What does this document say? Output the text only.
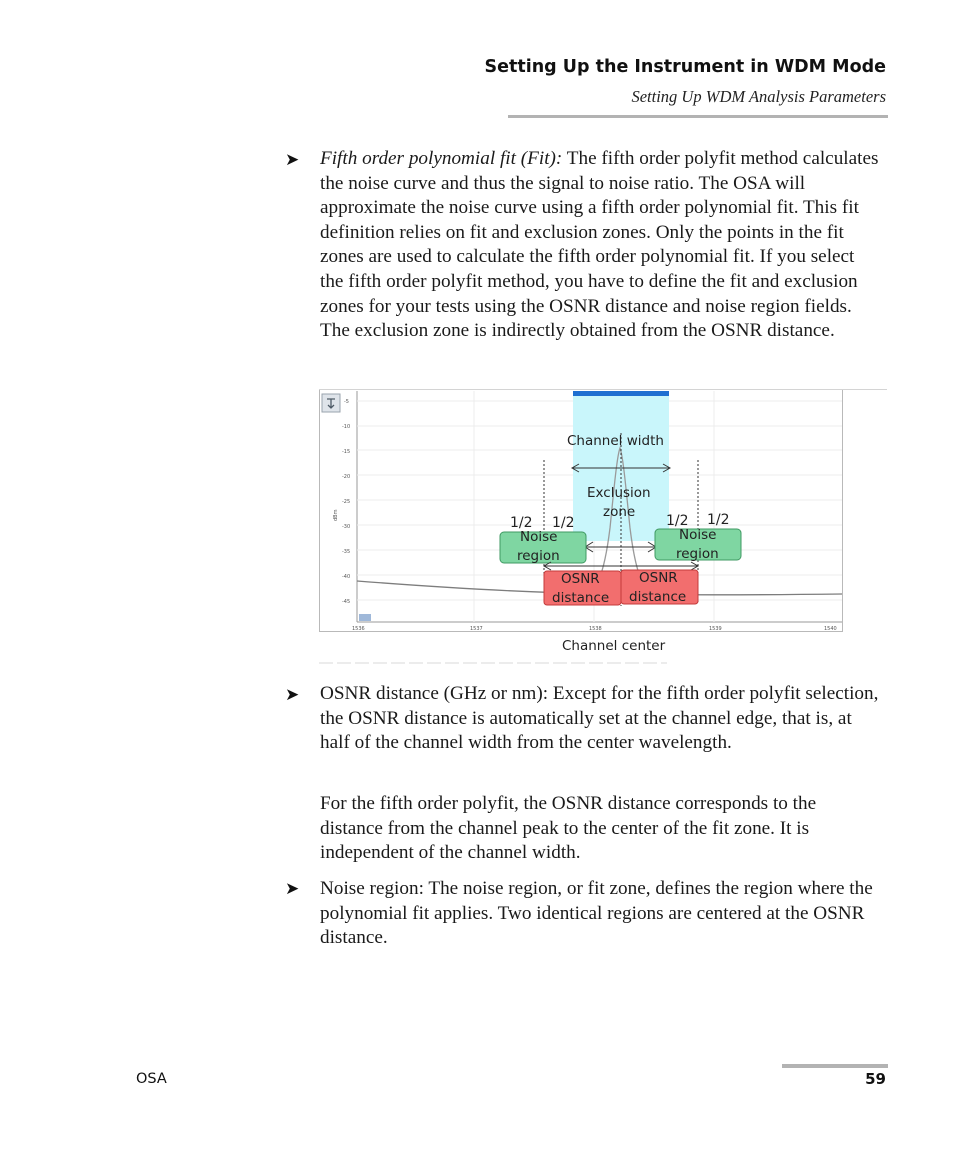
Setting Up the Instrument in WDM Mode
Setting Up WDM Analysis Parameters
➤ Fifth order polynomial fit (Fit): The fifth order polyfit method calculates the noise curve and thus the signal to noise ratio. The OSA will approximate the noise curve using a fifth order polynomial fit. This fit definition relies on fit and exclusion zones. Only the points in the fit zones are used to calculate the fifth order polynomial fit. If you select the fifth order polyfit method, you have to define the fit and exclusion zones for your tests using the OSNR distance and noise region fields. The exclusion zone is indirectly obtained from the OSNR distance.

-5
-10
-15
-20
-25
-30
-35
-40
-45
dBm
1536	1537	1538	1539	1540
Channel width
Exclusion
zone
1/2 1/2	1/2 1/2
Noise
region
Noise
region
OSNR
distance
OSNR
distance
Channel center
➤ OSNR distance (GHz or nm): Except for the fifth order polyfit selection, the OSNR distance is automatically set at the channel edge, that is, at half of the channel width from the center wavelength.

For the fifth order polyfit, the OSNR distance corresponds to the distance from the channel peak to the center of the fit zone. It is independent of the channel width.

➤ Noise region: The noise region, or fit zone, defines the region where the polynomial fit applies. Two identical regions are centered at the OSNR distance.

OSA	59
